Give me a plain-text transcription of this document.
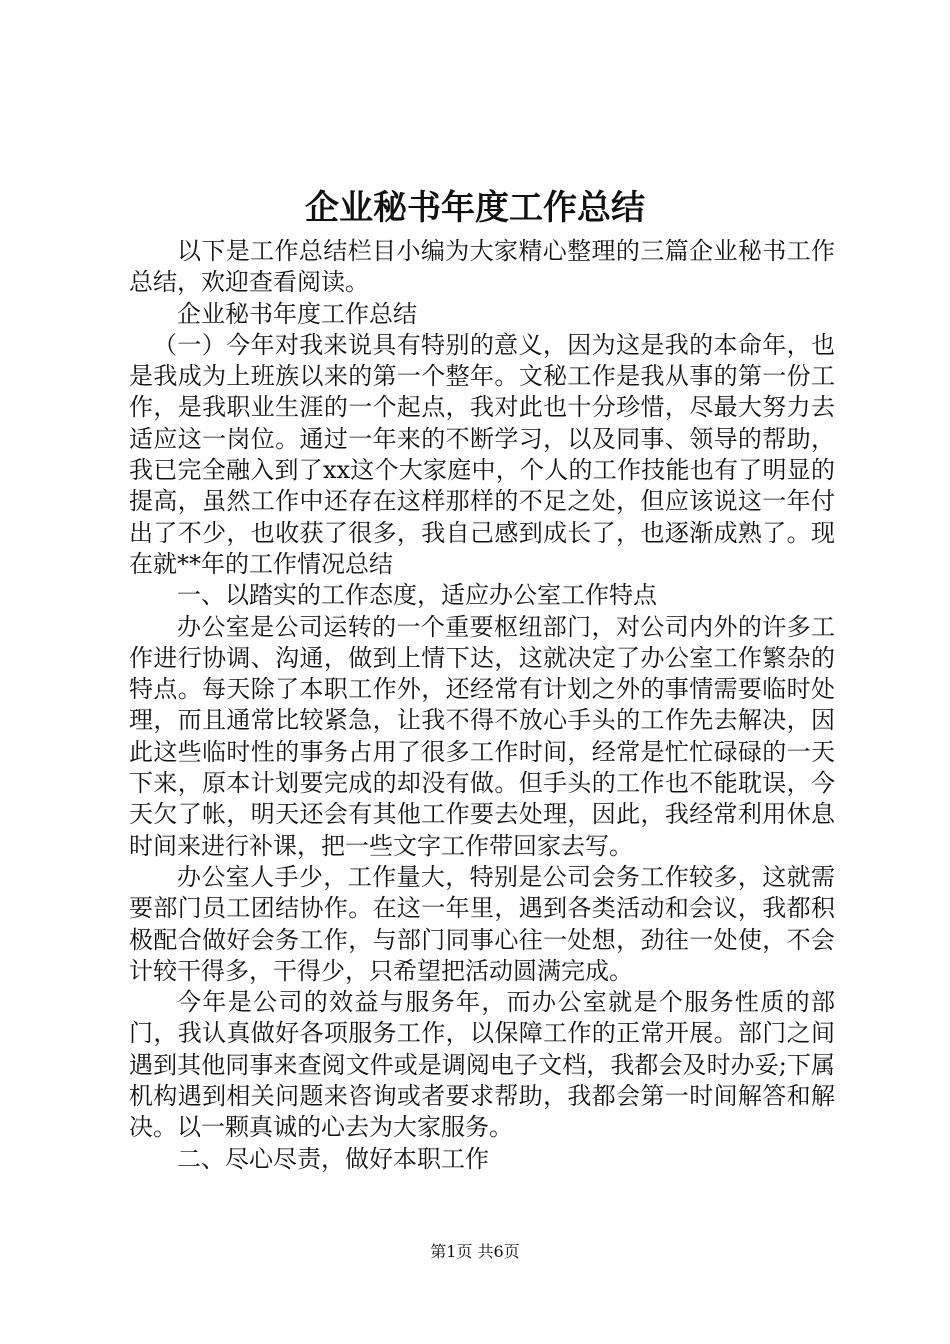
企业秘书年度工作总结

以下是工作总结栏目小编为大家精心整理的三篇企业秘书工作总结，欢迎查看阅读。

企业秘书年度工作总结

（一）今年对我来说具有特别的意义，因为这是我的本命年，也是我成为上班族以来的第一个整年。文秘工作是我从事的第一份工作，是我职业生涯的一个起点，我对此也十分珍惜，尽最大努力去适应这一岗位。通过一年来的不断学习，以及同事、领导的帮助，我已完全融入到了xx这个大家庭中，个人的工作技能也有了明显的提高，虽然工作中还存在这样那样的不足之处，但应该说这一年付出了不少，也收获了很多，我自己感到成长了，也逐渐成熟了。现在就**年的工作情况总结

一、以踏实的工作态度，适应办公室工作特点

办公室是公司运转的一个重要枢纽部门，对公司内外的许多工作进行协调、沟通，做到上情下达，这就决定了办公室工作繁杂的特点。每天除了本职工作外，还经常有计划之外的事情需要临时处理，而且通常比较紧急，让我不得不放心手头的工作先去解决，因此这些临时性的事务占用了很多工作时间，经常是忙忙碌碌的一天下来，原本计划要完成的却没有做。但手头的工作也不能耽误，今天欠了帐，明天还会有其他工作要去处理，因此，我经常利用休息时间来进行补课，把一些文字工作带回家去写。

办公室人手少，工作量大，特别是公司会务工作较多，这就需要部门员工团结协作。在这一年里，遇到各类活动和会议，我都积极配合做好会务工作，与部门同事心往一处想，劲往一处使，不会计较干得多，干得少，只希望把活动圆满完成。

今年是公司的效益与服务年，而办公室就是个服务性质的部门，我认真做好各项服务工作，以保障工作的正常开展。部门之间遇到其他同事来查阅文件或是调阅电子文档，我都会及时办妥;下属机构遇到相关问题来咨询或者要求帮助，我都会第一时间解答和解决。以一颗真诚的心去为大家服务。

二、尽心尽责，做好本职工作

第1页 共6页
